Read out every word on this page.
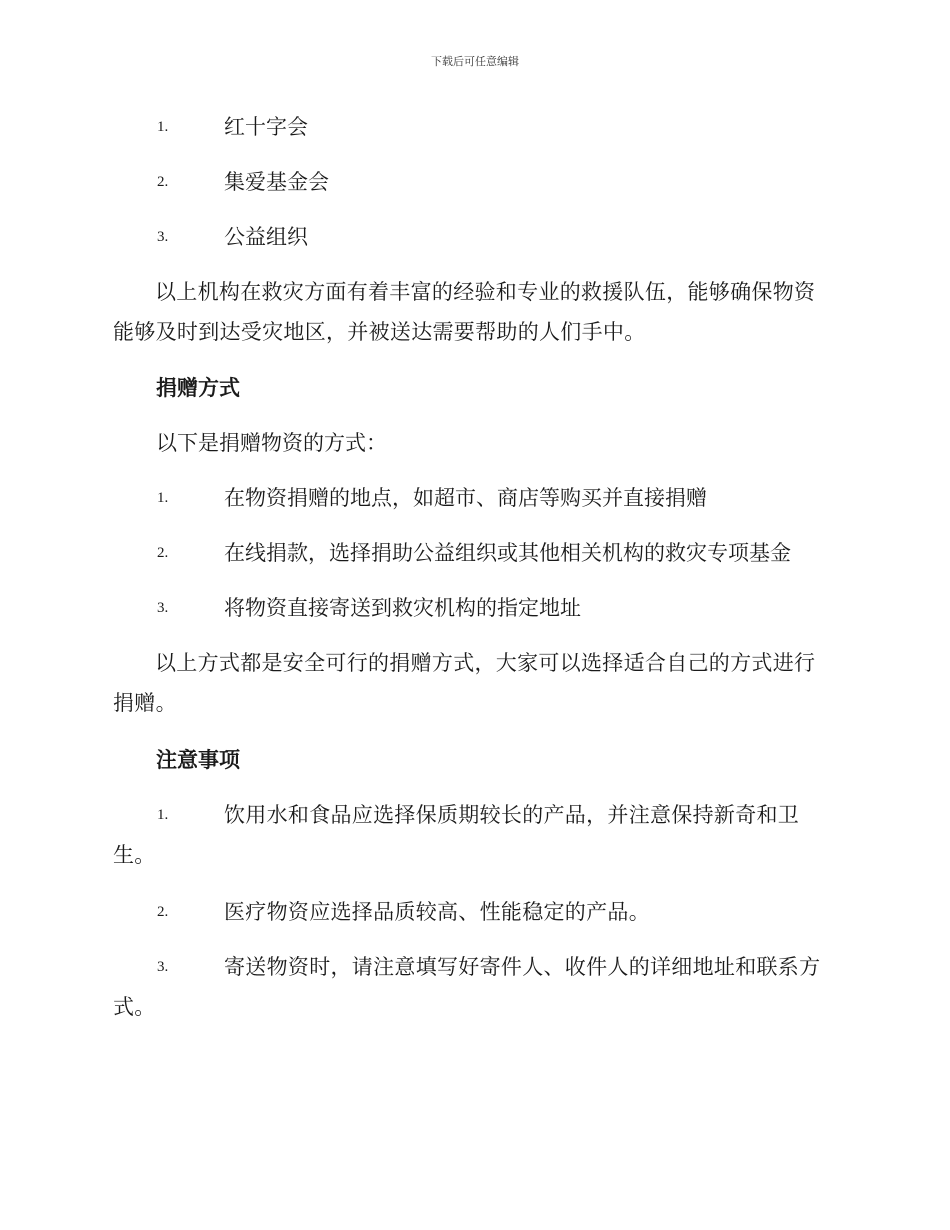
下载后可任意编辑
1.	红十字会
2.	集爱基金会
3.	公益组织
以上机构在救灾方面有着丰富的经验和专业的救援队伍，能够确保物资能够及时到达受灾地区，并被送达需要帮助的人们手中。
捐赠方式
以下是捐赠物资的方式：
1.	在物资捐赠的地点，如超市、商店等购买并直接捐赠
2.	在线捐款，选择捐助公益组织或其他相关机构的救灾专项基金
3.	将物资直接寄送到救灾机构的指定地址
以上方式都是安全可行的捐赠方式，大家可以选择适合自己的方式进行捐赠。
注意事项
1.	饮用水和食品应选择保质期较长的产品，并注意保持新奇和卫生。
2.	医疗物资应选择品质较高、性能稳定的产品。
3.	寄送物资时，请注意填写好寄件人、收件人的详细地址和联系方式。
